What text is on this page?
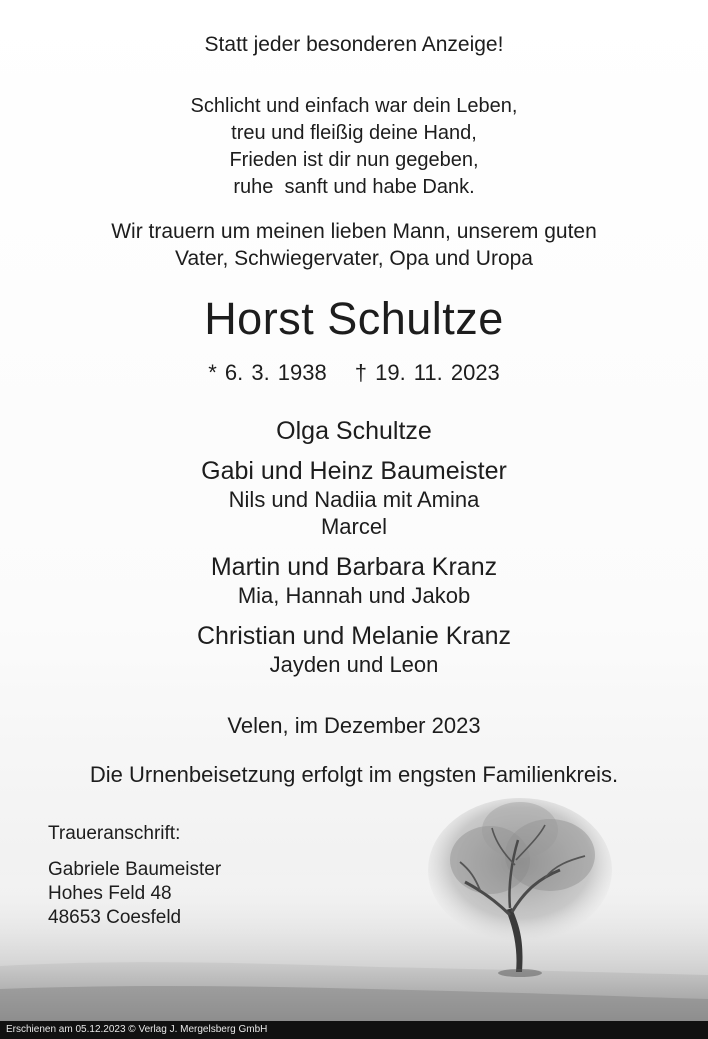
Statt jeder besonderen Anzeige!
Schlicht und einfach war dein Leben,
treu und fleißig deine Hand,
Frieden ist dir nun gegeben,
ruhe  sanft und habe Dank.
Wir trauern um meinen lieben Mann, unserem guten
Vater, Schwiegervater, Opa und Uropa
Horst Schultze
* 6. 3. 1938 † 19. 11. 2023
Olga Schultze
Gabi und Heinz Baumeister
Nils und Nadiia mit Amina
Marcel
Martin und Barbara Kranz
Mia, Hannah und Jakob
Christian und Melanie Kranz
Jayden und Leon
Velen, im Dezember 2023
Die Urnenbeisetzung erfolgt im engsten Familienkreis.
Traueranschrift:
Gabriele Baumeister
Hohes Feld 48
48653 Coesfeld
Erschienen am 05.12.2023 © Verlag J. Mergelsberg GmbH
